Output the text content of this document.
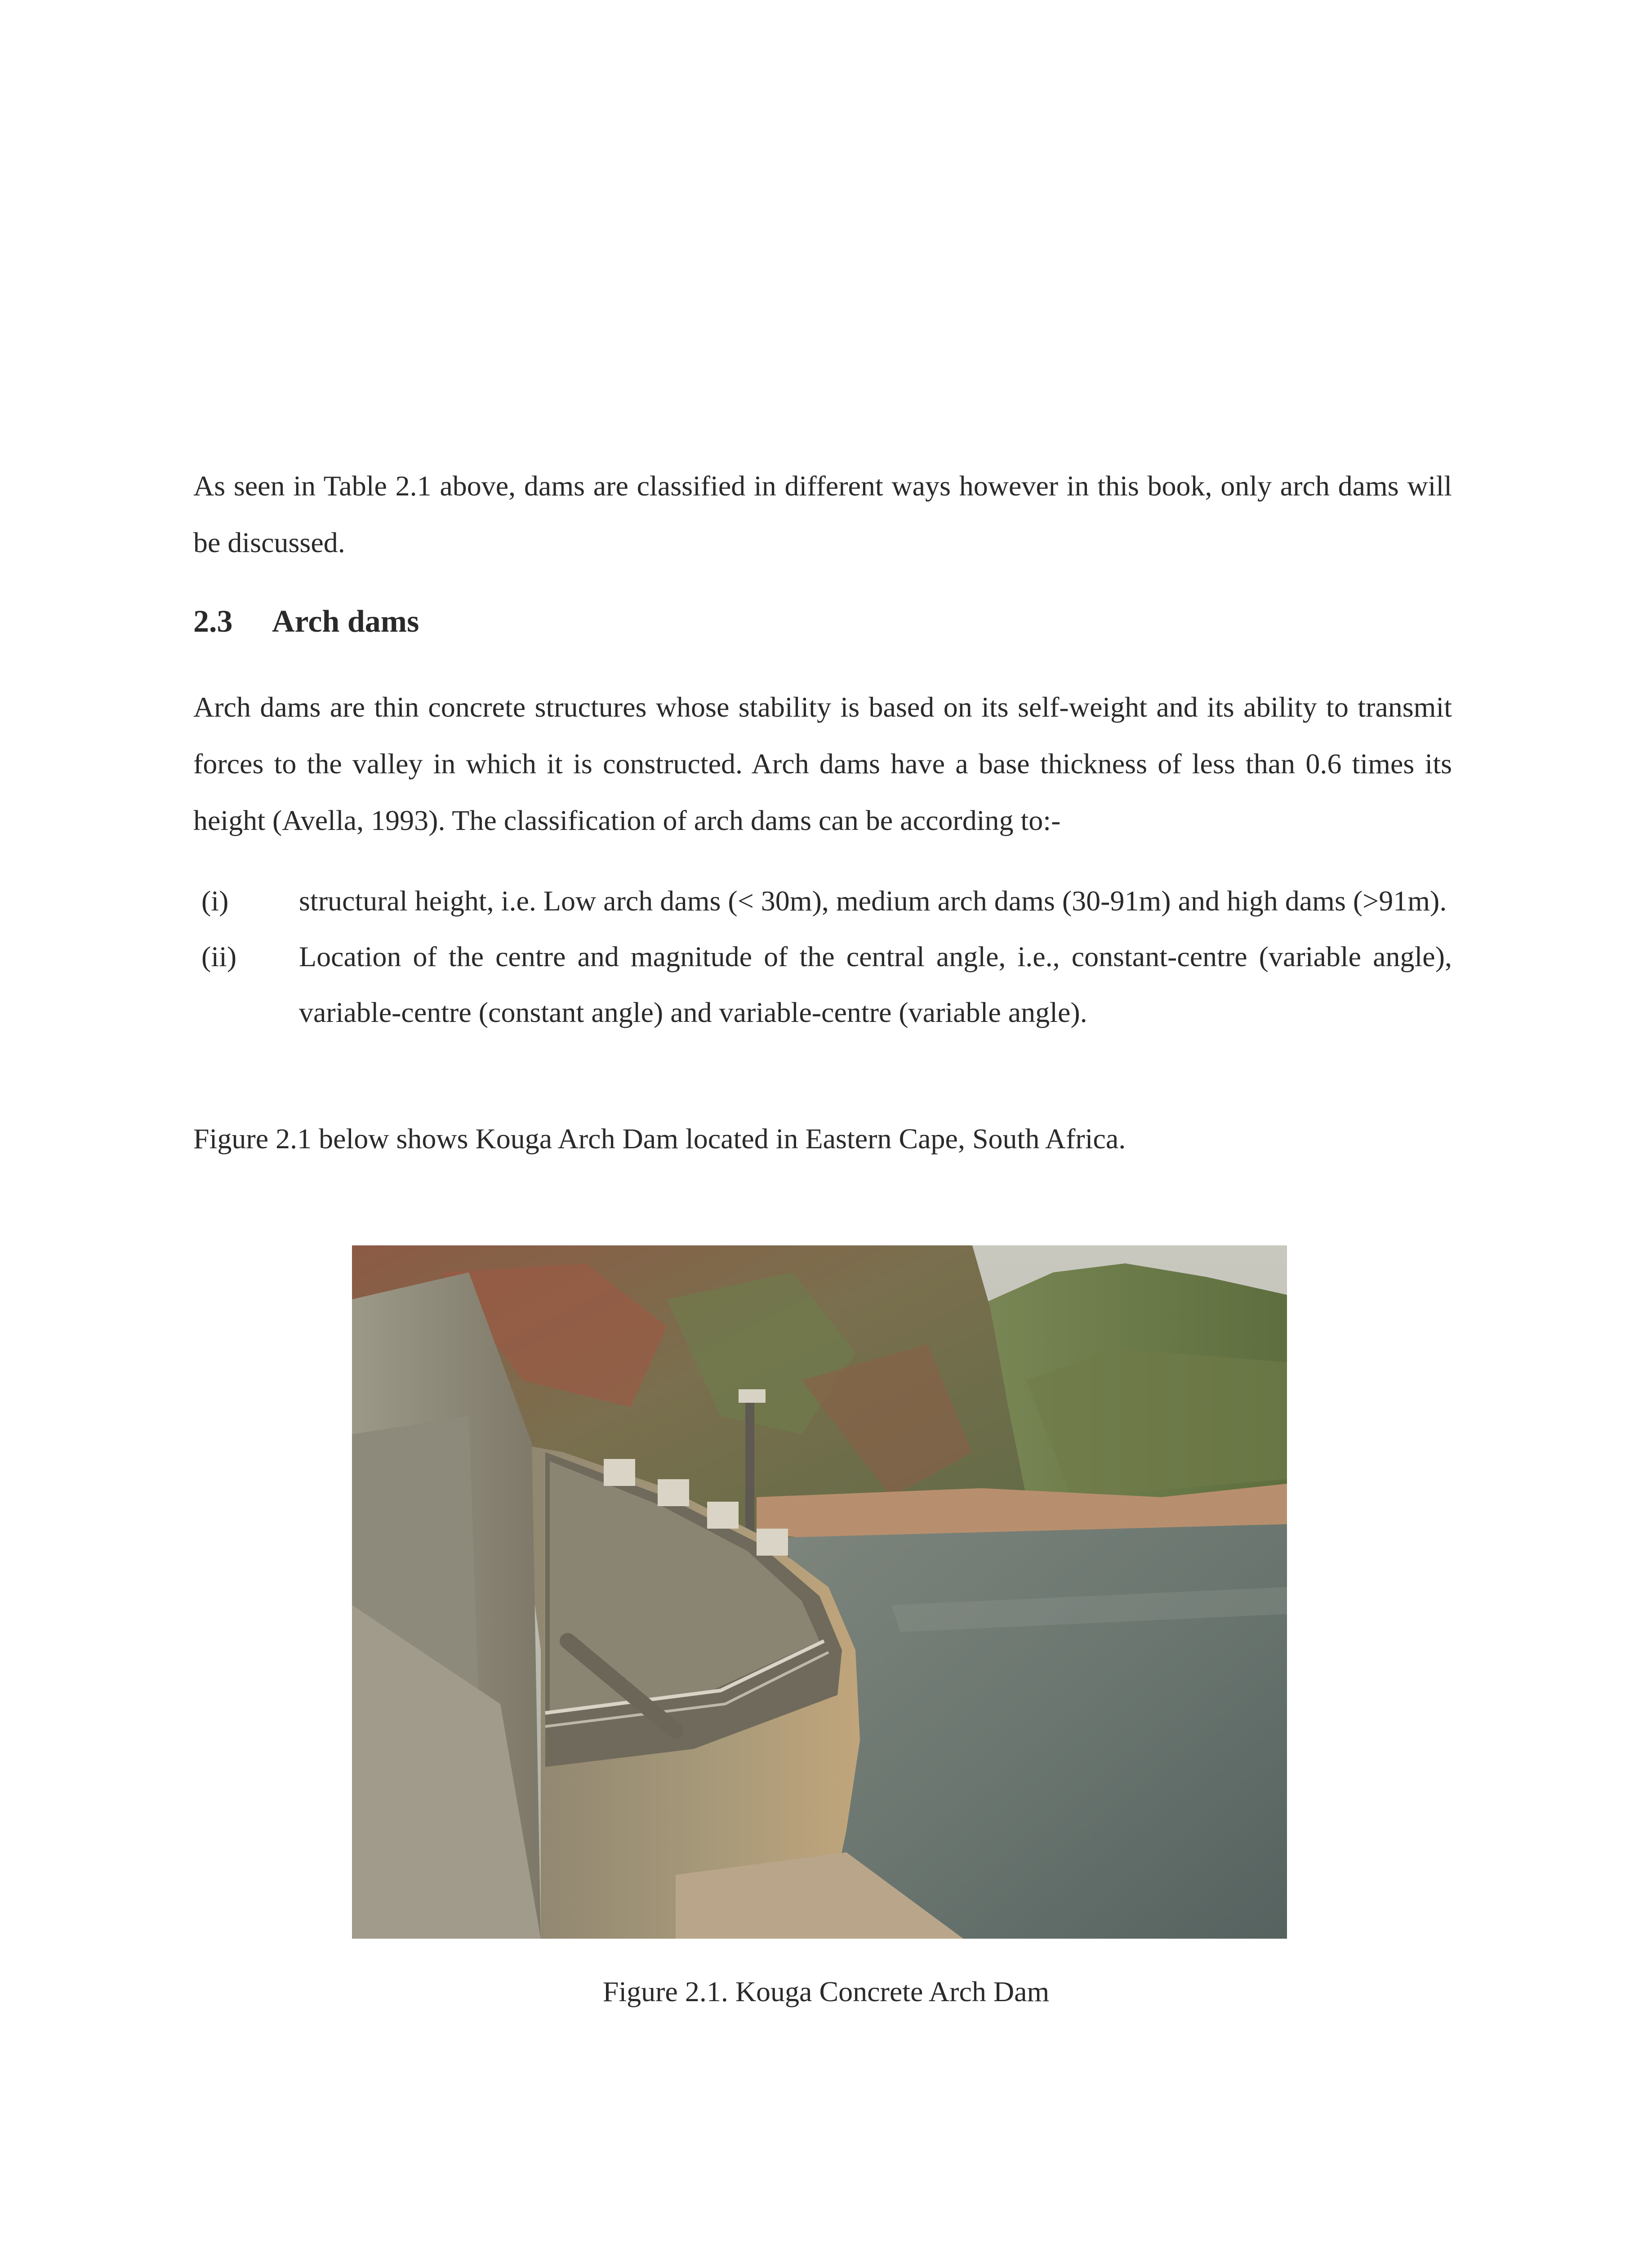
As seen in Table 2.1 above, dams are classified in different ways however in this book, only arch dams will be discussed.

2.3 Arch dams

Arch dams are thin concrete structures whose stability is based on its self-weight and its ability to transmit forces to the valley in which it is constructed. Arch dams have a base thickness of less than 0.6 times its height (Avella, 1993). The classification of arch dams can be according to:-

(i) structural height, i.e. Low arch dams (< 30m), medium arch dams (30-91m) and high dams (>91m).
(ii) Location of the centre and magnitude of the central angle, i.e., constant-centre (variable angle), variable-centre (constant angle) and variable-centre (variable angle).

Figure 2.1 below shows Kouga Arch Dam located in Eastern Cape, South Africa.

Figure 2.1. Kouga Concrete Arch Dam
